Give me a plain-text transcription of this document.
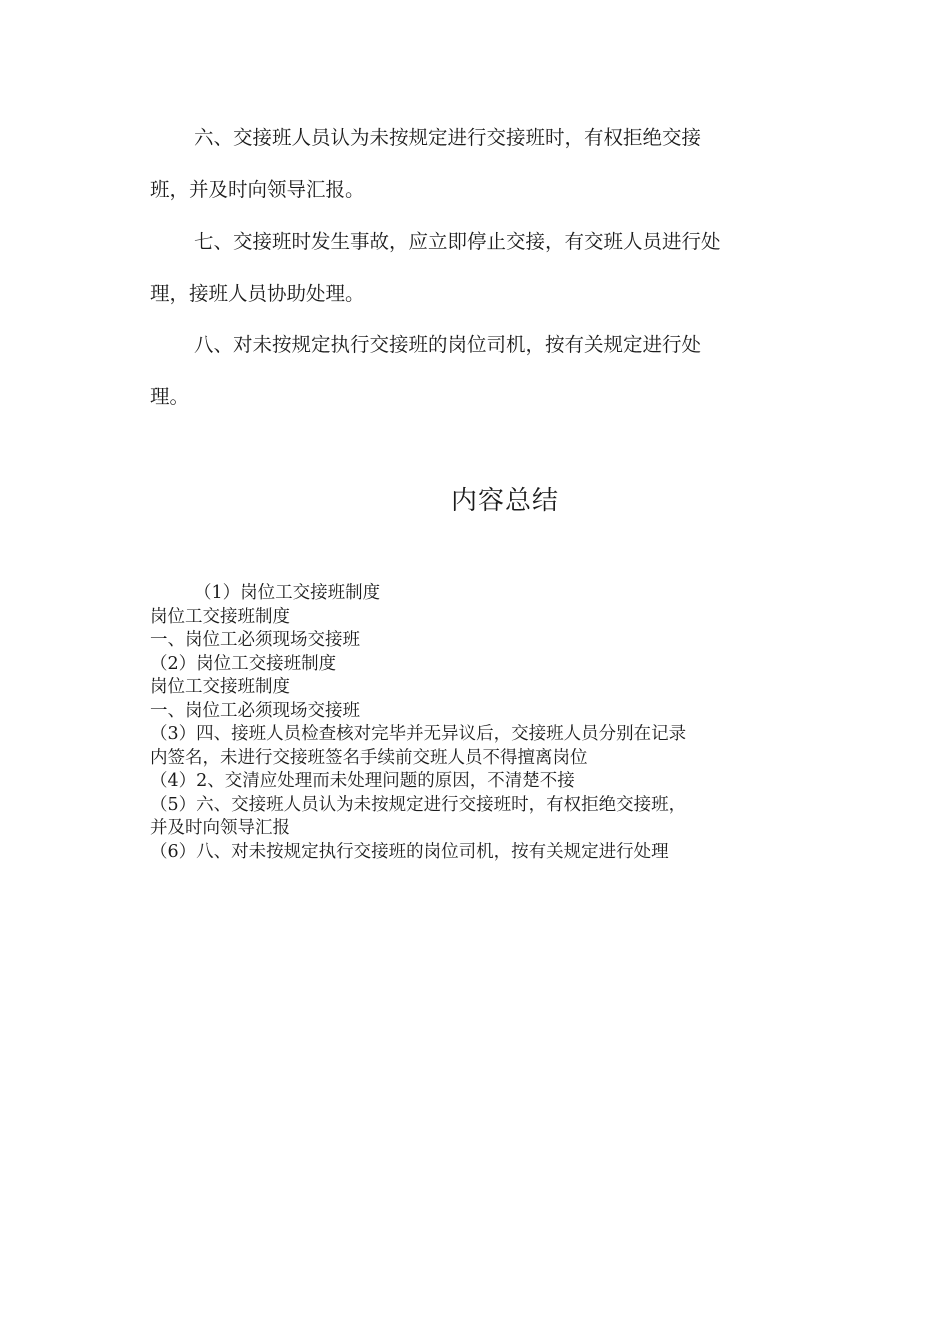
六、交接班人员认为未按规定进行交接班时，有权拒绝交接
班，并及时向领导汇报。
七、交接班时发生事故，应立即停止交接，有交班人员进行处
理，接班人员协助处理。
八、对未按规定执行交接班的岗位司机，按有关规定进行处
理。
内容总结
（1）岗位工交接班制度
岗位工交接班制度
一、岗位工必须现场交接班
（2）岗位工交接班制度
岗位工交接班制度
一、岗位工必须现场交接班
（3）四、接班人员检查核对完毕并无异议后，交接班人员分别在记录
内签名，未进行交接班签名手续前交班人员不得擅离岗位
（4）2、交清应处理而未处理问题的原因，不清楚不接
（5）六、交接班人员认为未按规定进行交接班时，有权拒绝交接班，
并及时向领导汇报
（6）八、对未按规定执行交接班的岗位司机，按有关规定进行处理
